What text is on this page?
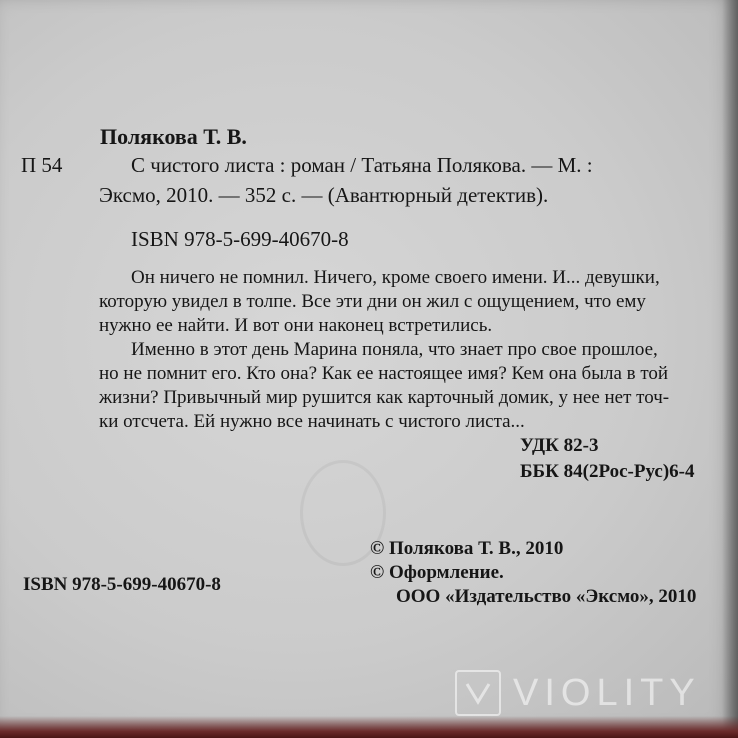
Полякова Т. В.
П 54	С чистого листа : роман / Татьяна Полякова. — М. :
Эксмо, 2010. — 352 с. — (Авантюрный детектив).
ISBN 978-5-699-40670-8
Он ничего не помнил. Ничего, кроме своего имени. И... девушки,
которую увидел в толпе. Все эти дни он жил с ощущением, что ему
нужно ее найти. И вот они наконец встретились.
Именно в этот день Марина поняла, что знает про свое прошлое,
но не помнит его. Кто она? Как ее настоящее имя? Кем она была в той
жизни? Привычный мир рушится как карточный домик, у нее нет точ-
ки отсчета. Ей нужно все начинать с чистого листа...
УДК 82-3
ББК 84(2Рос-Рус)6-4
© Полякова Т. В., 2010
© Оформление.
ISBN 978-5-699-40670-8
ООО «Издательство «Эксмо», 2010
VIOLITY
